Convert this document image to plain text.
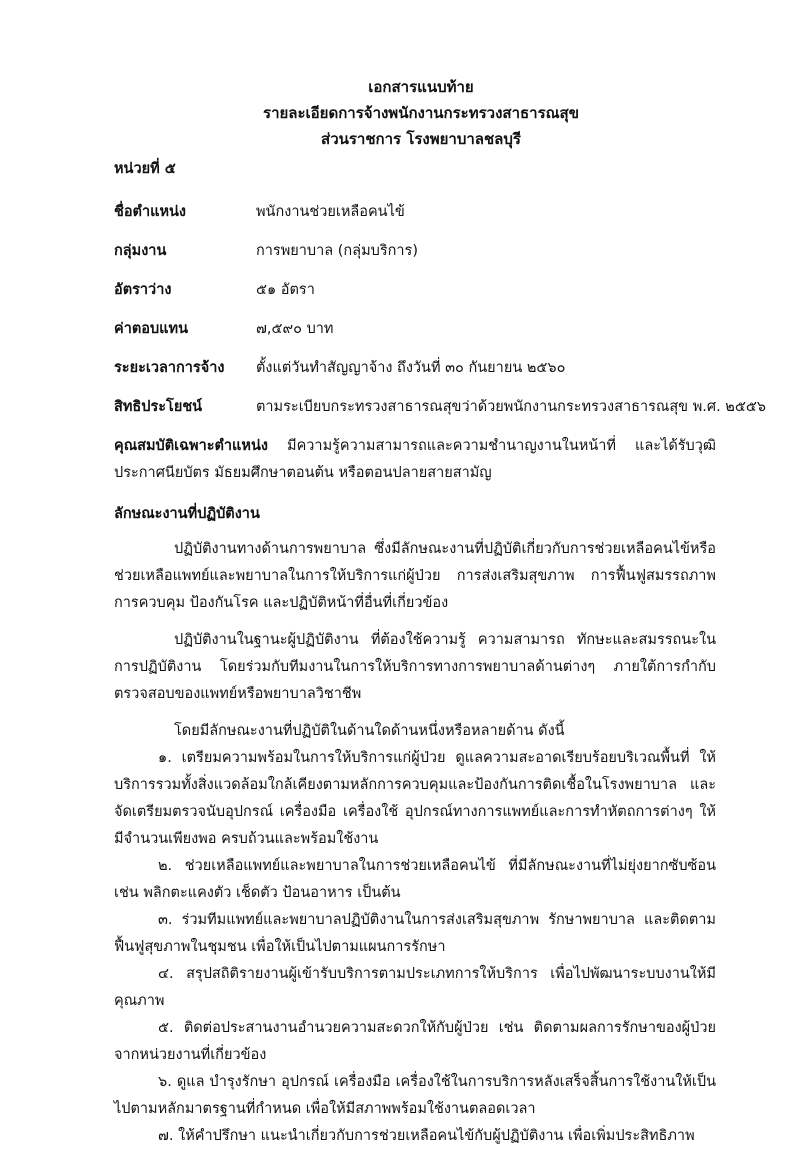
เอกสารแนบท้าย
รายละเอียดการจ้างพนักงานกระทรวงสาธารณสุข
ส่วนราชการ โรงพยาบาลชลบุรี
หน่วยที่ ๕
ชื่อตำแหน่ง	พนักงานช่วยเหลือคนไข้
กลุ่มงาน	การพยาบาล (กลุ่มบริการ)
อัตราว่าง	๕๑ อัตรา
ค่าตอบแทน	๗,๕๙๐ บาท
ระยะเวลาการจ้าง	ตั้งแต่วันทำสัญญาจ้าง ถึงวันที่ ๓๐ กันยายน ๒๕๖๐
สิทธิประโยชน์	ตามระเบียบกระทรวงสาธารณสุขว่าด้วยพนักงานกระทรวงสาธารณสุข พ.ศ. ๒๕๕๖
คุณสมบัติเฉพาะตำแหน่ง มีความรู้ความสามารถและความชำนาญงานในหน้าที่ และได้รับวุฒิประกาศนียบัตร มัธยมศึกษาตอนต้น หรือตอนปลายสายสามัญ
ลักษณะงานที่ปฏิบัติงาน

ปฏิบัติงานทางด้านการพยาบาล ซึ่งมีลักษณะงานที่ปฏิบัติเกี่ยวกับการช่วยเหลือคนไข้หรือช่วยเหลือแพทย์และพยาบาลในการให้บริการแก่ผู้ป่วย การส่งเสริมสุขภาพ การฟื้นฟูสมรรถภาพ การควบคุม ป้องกันโรค และปฏิบัติหน้าที่อื่นที่เกี่ยวข้อง

ปฏิบัติงานในฐานะผู้ปฏิบัติงาน ที่ต้องใช้ความรู้ ความสามารถ ทักษะและสมรรถนะในการปฏิบัติงาน โดยร่วมกับทีมงานในการให้บริการทางการพยาบาลด้านต่างๆ ภายใต้การกำกับ ตรวจสอบของแพทย์หรือพยาบาลวิชาชีพ

โดยมีลักษณะงานที่ปฏิบัติในด้านใดด้านหนึ่งหรือหลายด้าน ดังนี้

๑. เตรียมความพร้อมในการให้บริการแก่ผู้ป่วย ดูแลความสะอาดเรียบร้อยบริเวณพื้นที่ ให้บริการรวมทั้งสิ่งแวดล้อมใกล้เคียงตามหลักการควบคุมและป้องกันการติดเชื้อในโรงพยาบาล และจัดเตรียมตรวจนับอุปกรณ์ เครื่องมือ เครื่องใช้ อุปกรณ์ทางการแพทย์และการทำหัตถการต่างๆ ให้มีจำนวนเพียงพอ ครบถ้วนและพร้อมใช้งาน

๒. ช่วยเหลือแพทย์และพยาบาลในการช่วยเหลือคนไข้ ที่มีลักษณะงานที่ไม่ยุ่งยากซับซ้อน เช่น พลิกตะแคงตัว เช็ดตัว ป้อนอาหาร เป็นต้น

๓. ร่วมทีมแพทย์และพยาบาลปฏิบัติงานในการส่งเสริมสุขภาพ รักษาพยาบาล และติดตามฟื้นฟูสุขภาพในชุมชน เพื่อให้เป็นไปตามแผนการรักษา

๔. สรุปสถิติรายงานผู้เข้ารับบริการตามประเภทการให้บริการ เพื่อไปพัฒนาระบบงานให้มีคุณภาพ

๕. ติดต่อประสานงานอำนวยความสะดวกให้กับผู้ป่วย เช่น ติดตามผลการรักษาของผู้ป่วยจากหน่วยงานที่เกี่ยวข้อง

๖. ดูแล บำรุงรักษา อุปกรณ์ เครื่องมือ เครื่องใช้ในการบริการหลังเสร็จสิ้นการใช้งานให้เป็นไปตามหลักมาตรฐานที่กำหนด เพื่อให้มีสภาพพร้อมใช้งานตลอดเวลา

๗. ให้คำปรึกษา แนะนำเกี่ยวกับการช่วยเหลือคนไข้กับผู้ปฏิบัติงาน เพื่อเพิ่มประสิทธิภาพ
